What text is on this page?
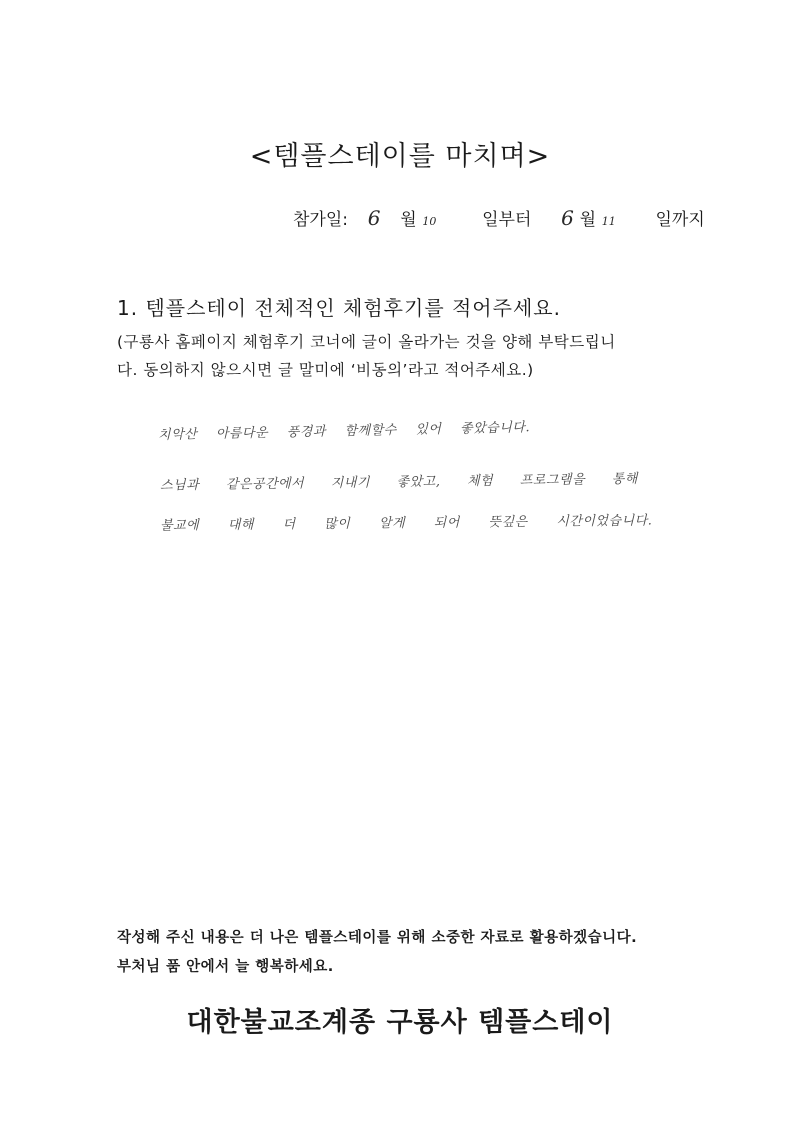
<템플스테이를 마치며>
참가일: 6 월 10	일부터 6 월 11 일까지
1. 템플스테이 전체적인 체험후기를 적어주세요.
(구룡사 홈페이지 체험후기 코너에 글이 올라가는 것을 양해 부탁드립니
다. 동의하지 않으시면 글 말미에 ‘비동의’라고 적어주세요.)
치악산 아름다운 풍경과 함께할수 있어 좋았습니다.
스님과 같은공간에서 지내기 좋았고, 체험 프로그램을 통해
불교에 대해 더 많이 알게 되어 뜻깊은 시간이었습니다.
작성해 주신 내용은 더 나은 템플스테이를 위해 소중한 자료로 활용하겠습니다.
부처님 품 안에서 늘 행복하세요.
대한불교조계종 구룡사 템플스테이
